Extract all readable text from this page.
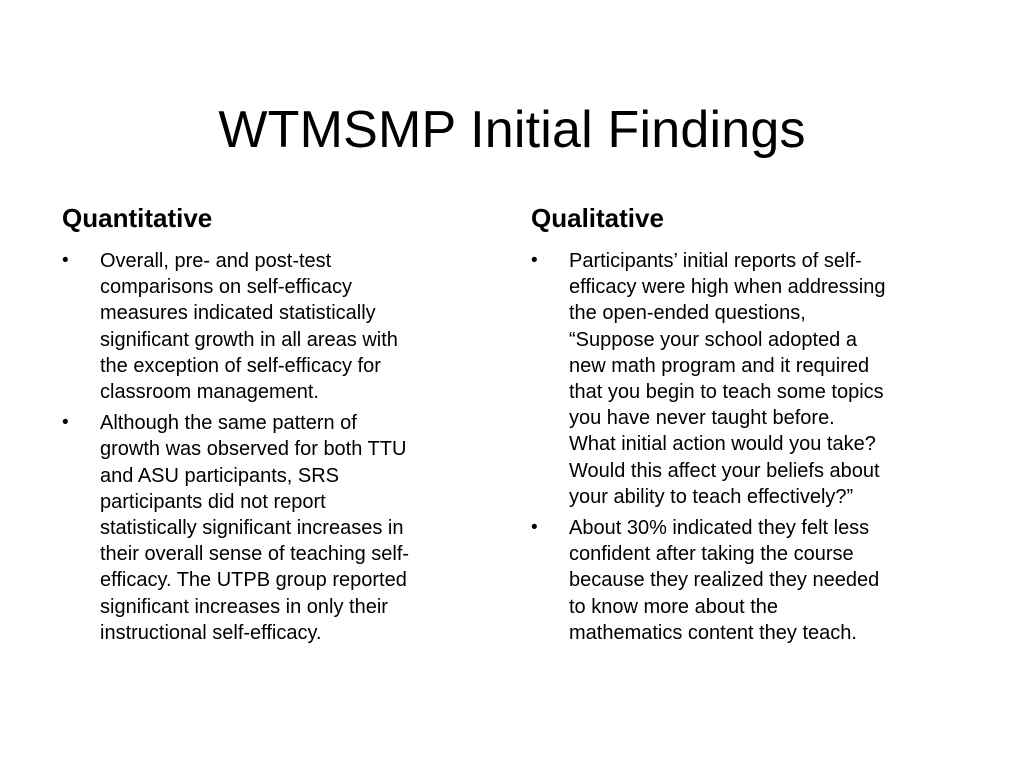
WTMSMP Initial Findings
Quantitative
• Overall, pre- and post-test
comparisons on self-efficacy
measures indicated statistically
significant growth in all areas with
the exception of self-efficacy for
classroom management.
• Although the same pattern of
growth was observed for both TTU
and ASU participants, SRS
participants did not report
statistically significant increases in
their overall sense of teaching self-
efficacy. The UTPB group reported
significant increases in only their
instructional self-efficacy.
Qualitative
• Participants’ initial reports of self-
efficacy were high when addressing
the open-ended questions,
“Suppose your school adopted a
new math program and it required
that you begin to teach some topics
you have never taught before.
What initial action would you take?
Would this affect your beliefs about
your ability to teach effectively?”
• About 30% indicated they felt less
confident after taking the course
because they realized they needed
to know more about the
mathematics content they teach.
